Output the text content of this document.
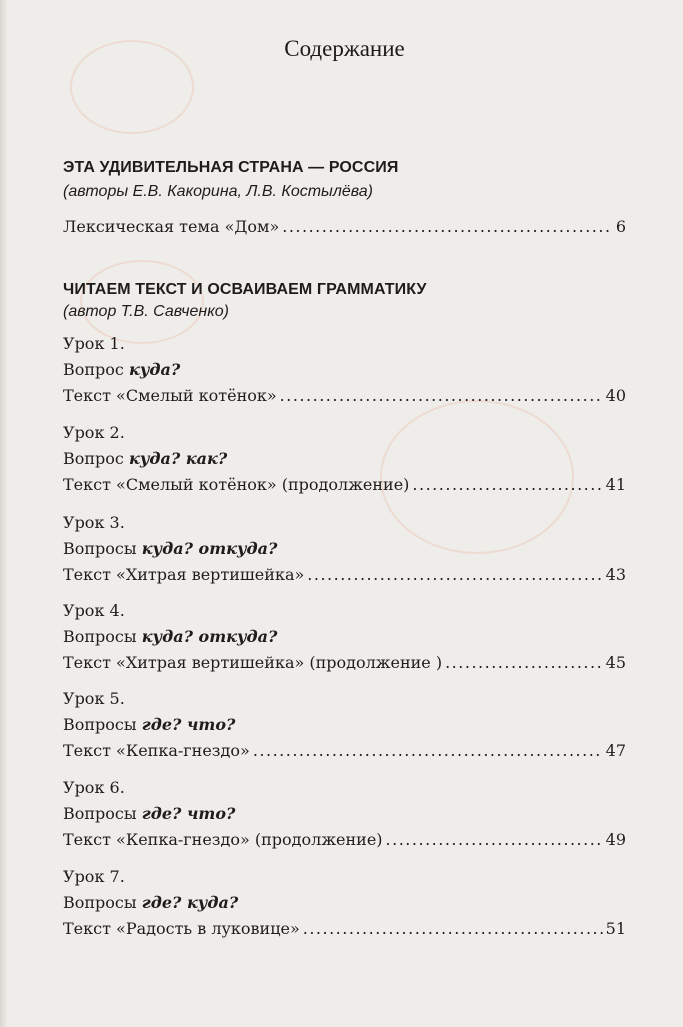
Содержание
ЭТА УДИВИТЕЛЬНАЯ СТРАНА — РОССИЯ
(авторы Е.В. Какорина, Л.В. Костылёва)
Лексическая тема «Дом» .....	6
ЧИТАЕМ ТЕКСТ И ОСВАИВАЕМ ГРАММАТИКУ
(автор Т.В. Савченко)
Урок 1.
Вопрос куда?
Текст «Смелый котёнок» .....	40
Урок 2.
Вопрос куда? как?
Текст «Смелый котёнок» (продолжение) .....	41
Урок 3.
Вопросы куда? откуда?
Текст «Хитрая вертишейка» .....	43
Урок 4.
Вопросы куда? откуда?
Текст «Хитрая вертишейка» (продолжение ) .....	45
Урок 5.
Вопросы где? что?
Текст «Кепка-гнездо» .....	47
Урок 6.
Вопросы где? что?
Текст «Кепка-гнездо» (продолжение) .....	49
Урок 7.
Вопросы где? куда?
Текст «Радость в луковице» .....	51
